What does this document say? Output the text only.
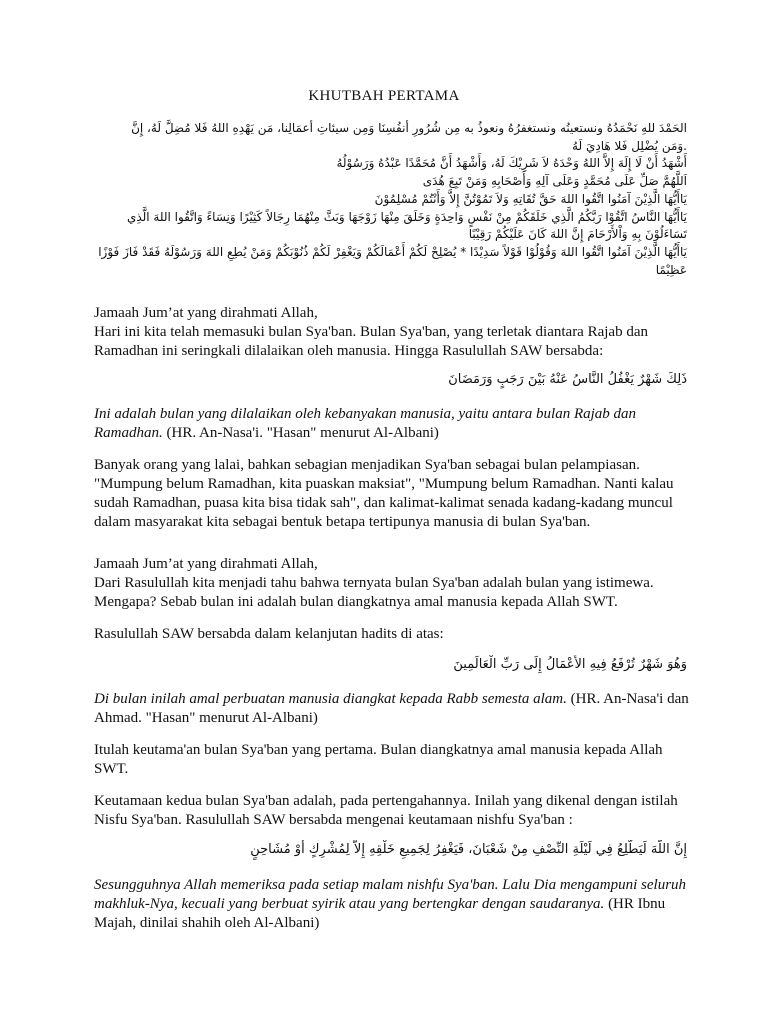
KHUTBAH PERTAMA

الحَمْدَ للهِ نَحْمَدُهُ ونستعينُه ونستغفرُهُ ونعوذُ به مِن شُرُورِ أنفُسِنَا وَمِن سيئاتِ أعمَالِنا، مَن يَهْدِهِ اللهُ فَلا مُضِلَّ لَهُ، إِنَّ

.وَمَن يُضْلِل فَلا هَادِيَ لَهُ

أَشْهَدُ أَنْ لَا إِلَهَ إِلاَّ اللهُ وَحْدَهُ لاَ شَرِيْكَ لَهُ، وَأَشْهَدُ أَنَّ مُحَمَّدًا عَبْدُهُ وَرَسُوْلُهُ

اَللَّهُمَّ صَلِّ عَلَى مُحَمَّدٍ وَعَلَى آلِهِ وَأَصْحَابِهِ وَمَنْ تَبِعَ هُدَى

يَاأَيُّهَا الَّذِيْنَ آمَنُوا اتَّقُوا اللهَ حَقَّ تُقَاتِهِ وَلاَ تَمُوْتُنَّ إِلاَّ وَأَنْتُمْ مُسْلِمُوْنَ

يَاأَيُّهَا النَّاسُ اتَّقُوْا رَبَّكُمُ الَّذِي خَلَقَكُمْ مِنْ نَفْسٍ وَاحِدَةٍ وَخَلَقَ مِنْهَا زَوْجَهَا وَبَثَّ مِنْهُمَا رِجَالاً كَثِيْرًا وَنِسَاءً وَاتَّقُوا اللهَ الَّذِي

تَسَاءَلُوْنَ بِهِ وَاْلأَرْحَامَ إِنَّ اللهَ كَانَ عَلَيْكُمْ رَقِيْبًا

يَاأَيُّهَا الَّذِيْنَ آمَنُوا اتَّقُوا اللهَ وَقُوْلُوْا قَوْلاً سَدِيْدًا * يُصْلِحْ لَكُمْ أَعْمَالَكُمْ وَيَغْفِرْ لَكُمْ ذُنُوْبَكُمْ وَمَنْ يُطِعِ اللهَ وَرَسُوْلَهُ فَقَدْ فَازَ فَوْزًا

عَظِيْمًا

Jamaah Jum’at yang dirahmati Allah,
Hari ini kita telah memasuki bulan Sya'ban. Bulan Sya'ban, yang terletak diantara Rajab dan Ramadhan ini seringkali dilalaikan oleh manusia. Hingga Rasulullah SAW bersabda:

ذَلِكَ شَهْرٌ يَغْفُلُ النَّاسُ عَنْهُ بَيْنَ رَجَبٍ وَرَمَضَانَ

Ini adalah bulan yang dilalaikan oleh kebanyakan manusia, yaitu antara bulan Rajab dan Ramadhan. (HR. An-Nasa'i. "Hasan" menurut Al-Albani)

Banyak orang yang lalai, bahkan sebagian menjadikan Sya'ban sebagai bulan pelampiasan. "Mumpung belum Ramadhan, kita puaskan maksiat", "Mumpung belum Ramadhan. Nanti kalau sudah Ramadhan, puasa kita bisa tidak sah", dan kalimat-kalimat senada kadang-kadang muncul dalam masyarakat kita sebagai bentuk betapa tertipunya manusia di bulan Sya'ban.

Jamaah Jum’at yang dirahmati Allah,
Dari Rasulullah kita menjadi tahu bahwa ternyata bulan Sya'ban adalah bulan yang istimewa. Mengapa? Sebab bulan ini adalah bulan diangkatnya amal manusia kepada Allah SWT.

Rasulullah SAW bersabda dalam kelanjutan hadits di atas:

وَهُوَ شَهْرٌ تُرْفَعُ فِيهِ الأَعْمَالُ إِلَى رَبِّ الْعَالَمِينَ

Di bulan inilah amal perbuatan manusia diangkat kepada Rabb semesta alam. (HR. An-Nasa'i dan Ahmad. "Hasan" menurut Al-Albani)

Itulah keutama'an bulan Sya'ban yang pertama. Bulan diangkatnya amal manusia kepada Allah SWT.

Keutamaan kedua bulan Sya'ban adalah, pada pertengahannya. Inilah yang dikenal dengan istilah Nisfu Sya'ban. Rasulullah SAW bersabda mengenai keutamaan nishfu Sya'ban :

إِنَّ اللَّهَ لَيَطَّلِعُ فِي لَيْلَةِ النِّصْفِ مِنْ شَعْبَانَ، فَيَغْفِرُ لِجَمِيعِ خَلْقِهِ إِلاَّ لِمُشْرِكٍ أَوْ مُشَاحِنٍ

Sesungguhnya Allah memeriksa pada setiap malam nishfu Sya'ban. Lalu Dia mengampuni seluruh makhluk-Nya, kecuali yang berbuat syirik atau yang bertengkar dengan saudaranya. (HR Ibnu Majah, dinilai shahih oleh Al-Albani)
